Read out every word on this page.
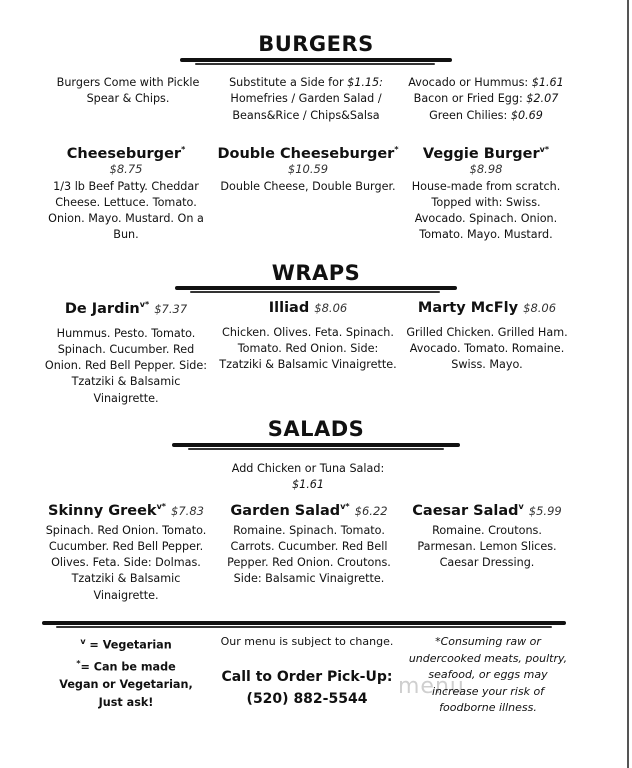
BURGERS
Burgers Come with Pickle
Spear & Chips.
Substitute a Side for $1.15:
Homefries / Garden Salad /
Beans&Rice / Chips&Salsa
Avocado or Hummus: $1.61
Bacon or Fried Egg: $2.07
Green Chilies: $0.69
Cheeseburger*
$8.75
1/3 lb Beef Patty. Cheddar
Cheese. Lettuce. Tomato.
Onion. Mayo. Mustard. On a
Bun.
Double Cheeseburger*
$10.59
Double Cheese, Double Burger.
Veggie Burger$^{v*}$
$8.98
House-made from scratch.
Topped with: Swiss.
Avocado. Spinach. Onion.
Tomato. Mayo. Mustard.
WRAPS
De Jardin$^{v*}$ $7.37
Hummus. Pesto. Tomato.
Spinach. Cucumber. Red
Onion. Red Bell Pepper. Side:
Tzatziki & Balsamic
Vinaigrette.
Illiad $8.06
Chicken. Olives. Feta. Spinach.
Tomato. Red Onion. Side:
Tzatziki & Balsamic Vinaigrette.
Marty McFly $8.06
Grilled Chicken. Grilled Ham.
Avocado. Tomato. Romaine.
Swiss. Mayo.
SALADS
Add Chicken or Tuna Salad:
$1.61
Skinny Greek$^{v*}$ $7.83
Spinach. Red Onion. Tomato.
Cucumber. Red Bell Pepper.
Olives. Feta. Side: Dolmas.
Tzatziki & Balsamic
Vinaigrette.
Garden Salad$^{v*}$ $6.22
Romaine. Spinach. Tomato.
Carrots. Cucumber. Red Bell
Pepper. Red Onion. Croutons.
Side: Balsamic Vinaigrette.
Caesar Salad$^v$ $5.99
Romaine. Croutons.
Parmesan. Lemon Slices.
Caesar Dressing.
$^v$ = Vegetarian
*= Can be made
Vegan or Vegetarian,
Just ask!
Our menu is subject to change.
Call to Order Pick-Up:
(520) 882-5544	menu
*Consuming raw or
undercooked meats, poultry,
seafood, or eggs may
increase your risk of
foodborne illness.
